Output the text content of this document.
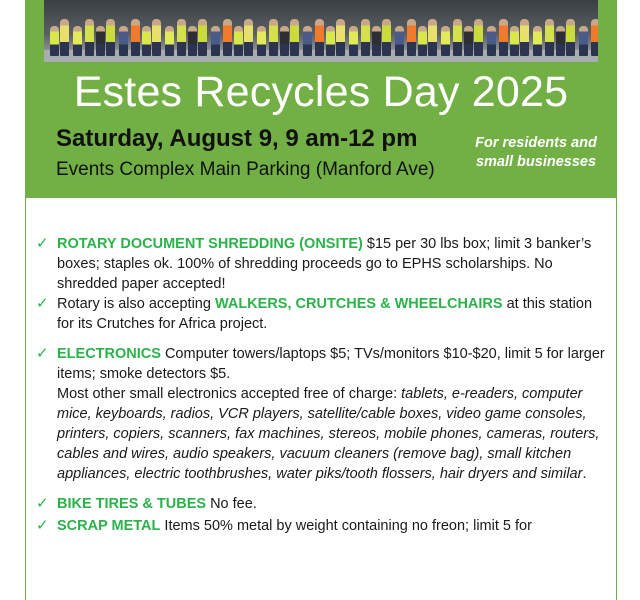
Estes Recycles Day 2025
Saturday, August 9, 9 am-12 pm
Events Complex Main Parking (Manford Ave)
For residents and
small businesses
✓ ROTARY DOCUMENT SHREDDING (ONSITE) $15 per 30 lbs box; limit 3 banker’s boxes; staples ok. 100% of shredding proceeds go to EPHS scholarships. No shredded paper accepted!
✓ Rotary is also accepting WALKERS, CRUTCHES & WHEELCHAIRS at this station for its Crutches for Africa project.
✓ ELECTRONICS Computer towers/laptops $5; TVs/monitors $10-$20, limit 5 for larger items; smoke detectors $5.
Most other small electronics accepted free of charge: tablets, e-readers, computer mice, keyboards, radios, VCR players, satellite/cable boxes, video game consoles, printers, copiers, scanners, fax machines, stereos, mobile phones, cameras, routers, cables and wires, audio speakers, vacuum cleaners (remove bag), small kitchen appliances, electric toothbrushes, water piks/tooth flossers, hair dryers and similar.
✓ BIKE TIRES & TUBES No fee.
✓ SCRAP METAL Items 50% metal by weight containing no freon; limit 5 for
